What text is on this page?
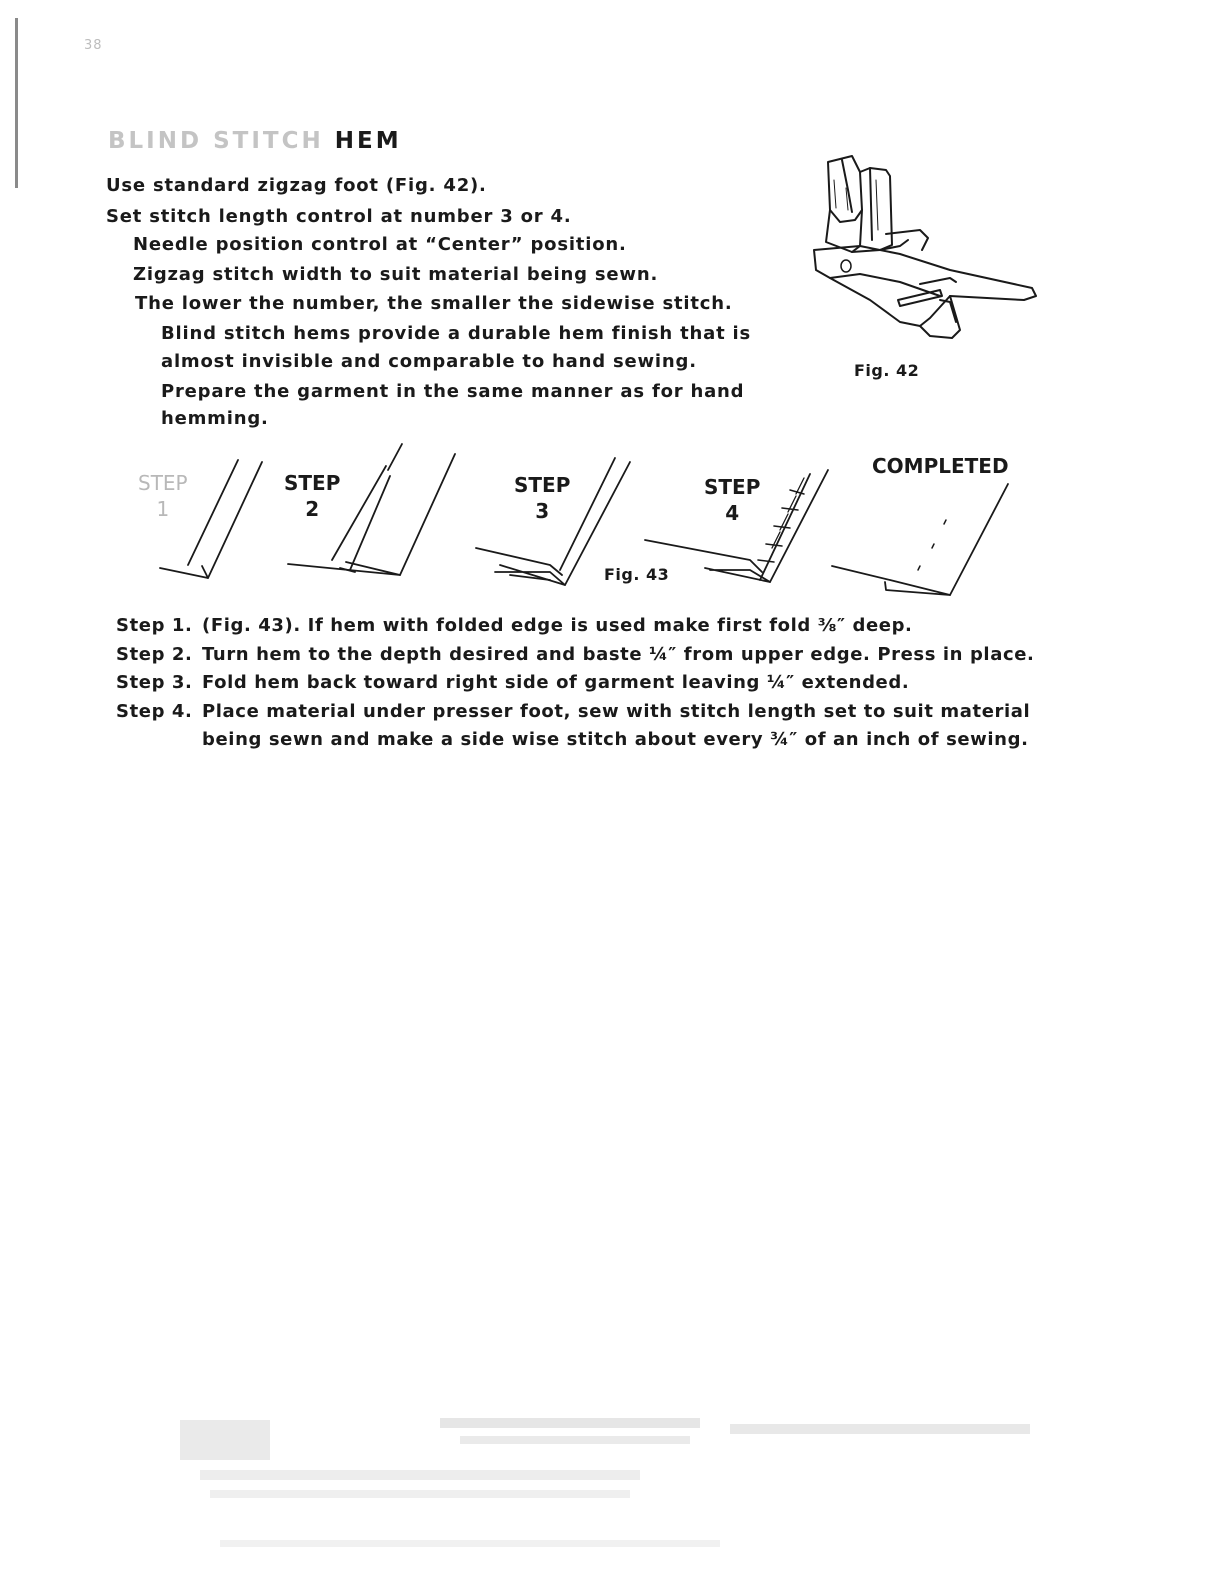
38
BLIND STITCH HEM
Use standard zigzag foot (Fig. 42).
Set stitch length control at number 3 or 4.
Needle position control at “Center” position.
Zigzag stitch width to suit material being sewn.
The lower the number, the smaller the sidewise stitch.
Blind stitch hems provide a durable hem finish that is
almost invisible and comparable to hand sewing.
Prepare the garment in the same manner as for hand
hemming.
Fig. 42
STEP
1
STEP
2
STEP
3
STEP
4
COMPLETED
Fig. 43
Step 1. (Fig. 43). If hem with folded edge is used make first fold ⅜″ deep.
Step 2. Turn hem to the depth desired and baste ¼″ from upper edge. Press in place.
Step 3. Fold hem back toward right side of garment leaving ¼″ extended.
Step 4. Place material under presser foot, sew with stitch length set to suit material
being sewn and make a side wise stitch about every ¾″ of an inch of sewing.
